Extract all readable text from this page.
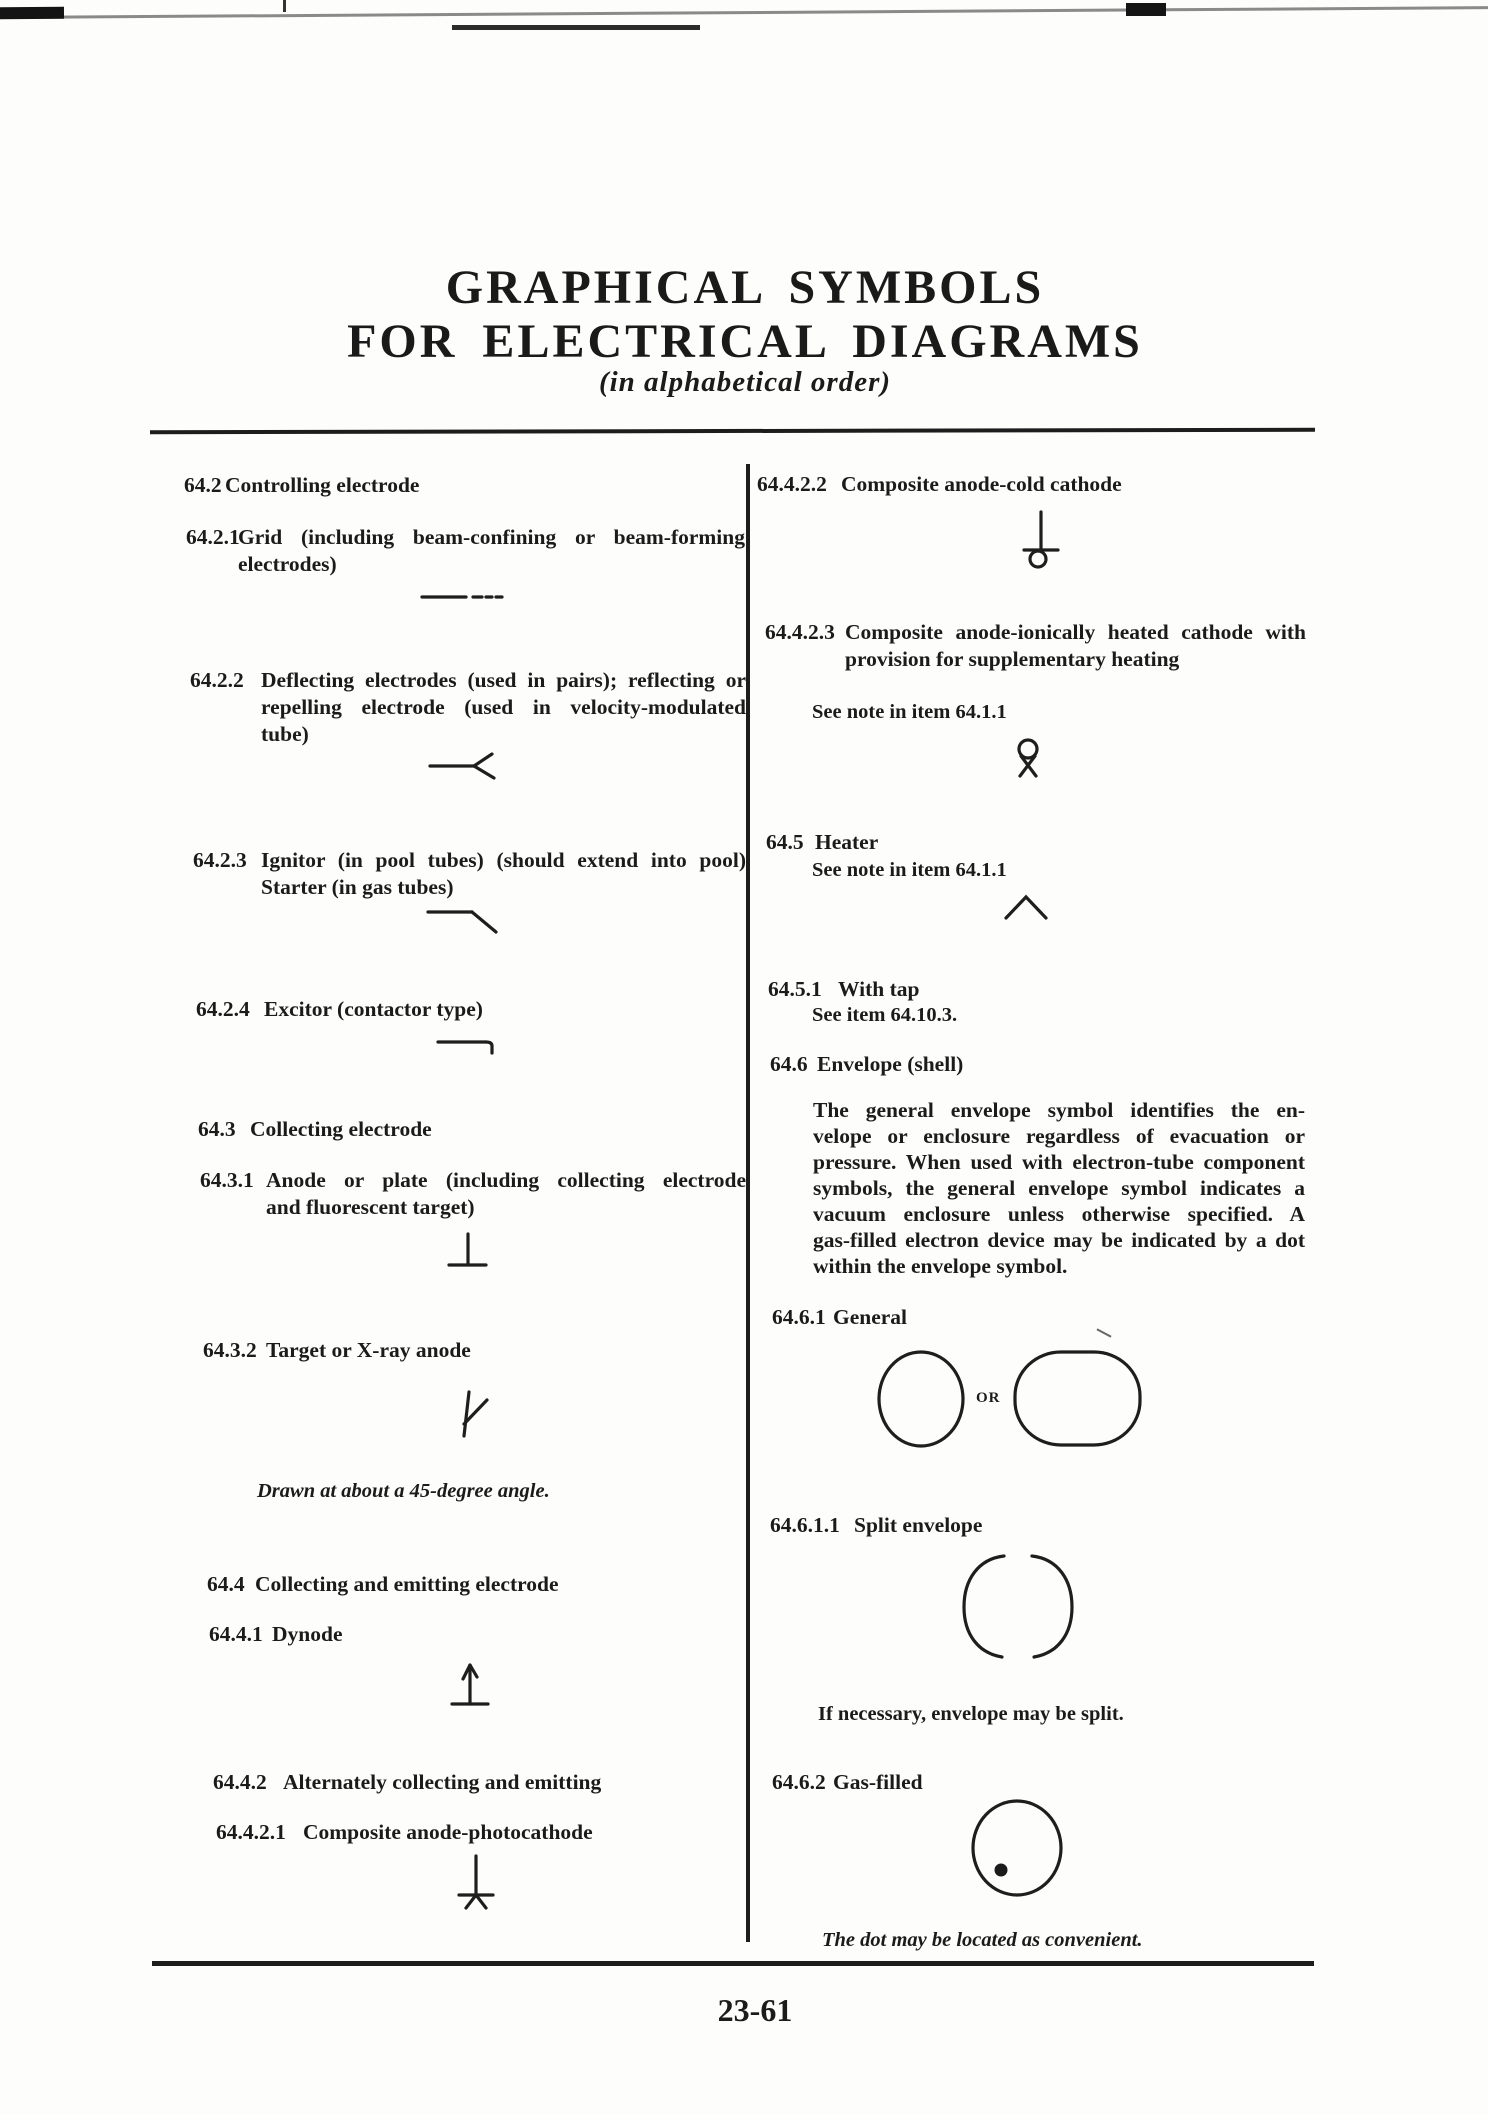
GRAPHICAL SYMBOLS
FOR ELECTRICAL DIAGRAMS
(in alphabetical order)
64.2 Controlling electrode
64.2.1
Grid (including beam-confining or beam-forming
electrodes)
64.2.2 Deflecting electrodes (used in pairs); reflecting or
repelling electrode (used in velocity-modulated
tube)
64.2.3 Ignitor (in pool tubes) (should extend into pool)
Starter (in gas tubes)
64.2.4 Excitor (contactor type)
64.3 Collecting electrode
64.3.1 Anode or plate (including collecting electrode
and fluorescent target)
64.3.2 Target or X-ray anode
Drawn at about a 45-degree angle.
64.4 Collecting and emitting electrode
64.4.1 Dynode
64.4.2 Alternately collecting and emitting
64.4.2.1 Composite anode-photocathode
64.4.2.2 Composite anode-cold cathode
64.4.2.3 Composite anode-ionically heated cathode with
provision for supplementary heating
See note in item 64.1.1
64.5 Heater
See note in item 64.1.1
64.5.1 With tap
See item 64.10.3.
64.6 Envelope (shell)
The general envelope symbol identifies the en-
velope or enclosure regardless of evacuation or
pressure. When used with electron-tube component
symbols, the general envelope symbol indicates a
vacuum enclosure unless otherwise specified. A
gas-filled electron device may be indicated by a dot
within the envelope symbol.
64.6.1 General
OR
64.6.1.1 Split envelope
If necessary, envelope may be split.
64.6.2 Gas-filled
The dot may be located as convenient.
23-61
